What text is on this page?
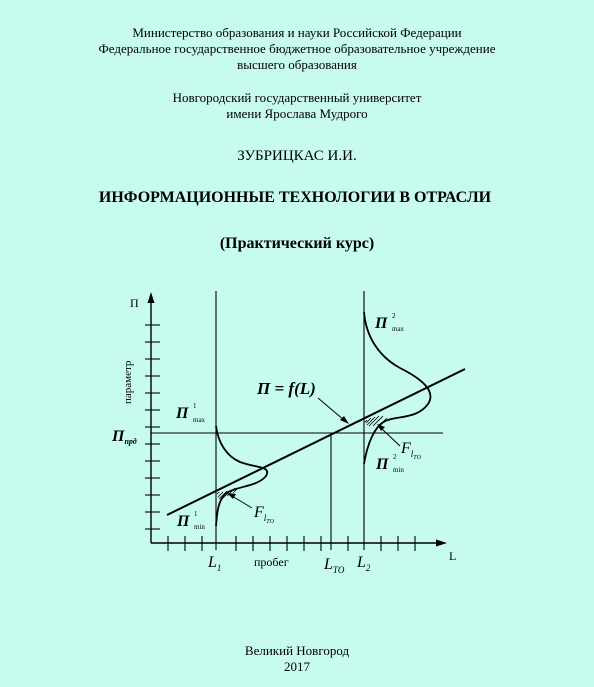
Министерство образования и науки Российской Федерации
Федеральное государственное бюджетное образовательное учреждение
высшего образования
Новгородский государственный университет
имени Ярослава Мудрого
ЗУБРИЦКАС И.И.
ИНФОРМАЦИОННЫЕ ТЕХНОЛОГИИ В ОТРАСЛИ
(Практический курс)
П
параметр
L
пробег
П = f(L)
Ппрд
П 1
max
П 1
min
П 2
max
П 2
min
$F_lТО$
$F_lТО$
$L_1$	$L_{ТО}$ $L_2$
Великий Новгород
2017
